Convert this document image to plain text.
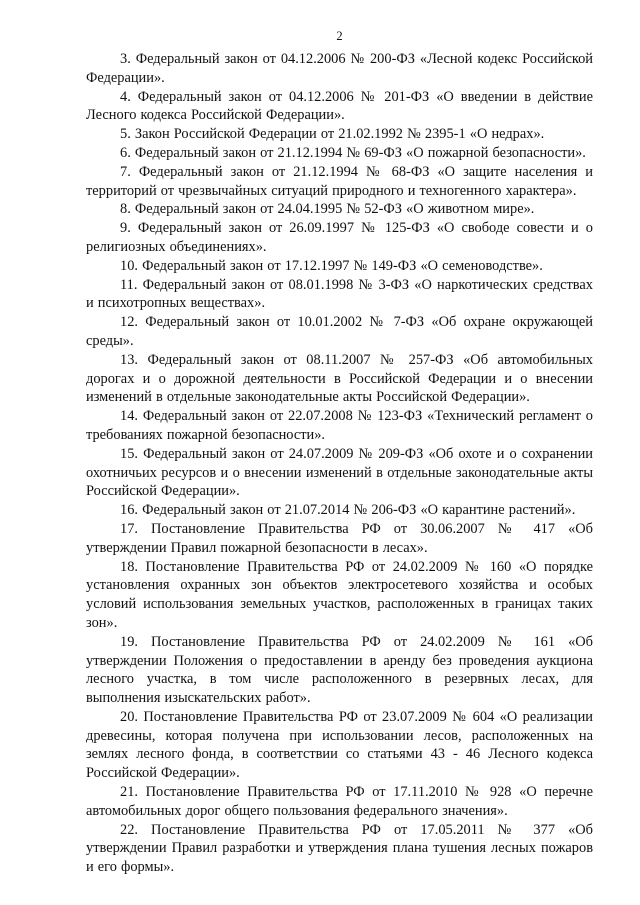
2

3. Федеральный закон от 04.12.2006 № 200-ФЗ «Лесной кодекс Российской Федерации».

4. Федеральный закон от 04.12.2006 № 201-ФЗ «О введении в действие Лесного кодекса Российской Федерации».

5. Закон Российской Федерации от 21.02.1992 № 2395-1 «О недрах».

6. Федеральный закон от 21.12.1994 № 69-ФЗ «О пожарной безопасности».

7. Федеральный закон от 21.12.1994 № 68-ФЗ «О защите населения и территорий от чрезвычайных ситуаций природного и техногенного характера».

8. Федеральный закон от 24.04.1995 № 52-ФЗ «О животном мире».

9. Федеральный закон от 26.09.1997 № 125-ФЗ «О свободе совести и о религиозных объединениях».

10. Федеральный закон от 17.12.1997 № 149-ФЗ «О семеноводстве».

11. Федеральный закон от 08.01.1998 № 3-ФЗ «О наркотических средствах и психотропных веществах».

12. Федеральный закон от 10.01.2002 № 7-ФЗ «Об охране окружающей среды».

13. Федеральный закон от 08.11.2007 № 257-ФЗ «Об автомобильных дорогах и о дорожной деятельности в Российской Федерации и о внесении изменений в отдельные законодательные акты Российской Федерации».

14. Федеральный закон от 22.07.2008 № 123-ФЗ «Технический регламент о требованиях пожарной безопасности».

15. Федеральный закон от 24.07.2009 № 209-ФЗ «Об охоте и о сохранении охотничьих ресурсов и о внесении изменений в отдельные законодательные акты Российской Федерации».

16. Федеральный закон от 21.07.2014 № 206-ФЗ «О карантине растений».

17. Постановление Правительства РФ от 30.06.2007 № 417 «Об утверждении Правил пожарной безопасности в лесах».

18. Постановление Правительства РФ от 24.02.2009 № 160 «О порядке установления охранных зон объектов электросетевого хозяйства и особых условий использования земельных участков, расположенных в границах таких зон».

19. Постановление Правительства РФ от 24.02.2009 № 161 «Об утверждении Положения о предоставлении в аренду без проведения аукциона лесного участка, в том числе расположенного в резервных лесах, для выполнения изыскательских работ».

20. Постановление Правительства РФ от 23.07.2009 № 604 «О реализации древесины, которая получена при использовании лесов, расположенных на землях лесного фонда, в соответствии со статьями 43 - 46 Лесного кодекса Российской Федерации».

21. Постановление Правительства РФ от 17.11.2010 № 928 «О перечне автомобильных дорог общего пользования федерального значения».

22. Постановление Правительства РФ от 17.05.2011 № 377 «Об утверждении Правил разработки и утверждения плана тушения лесных пожаров и его формы».
